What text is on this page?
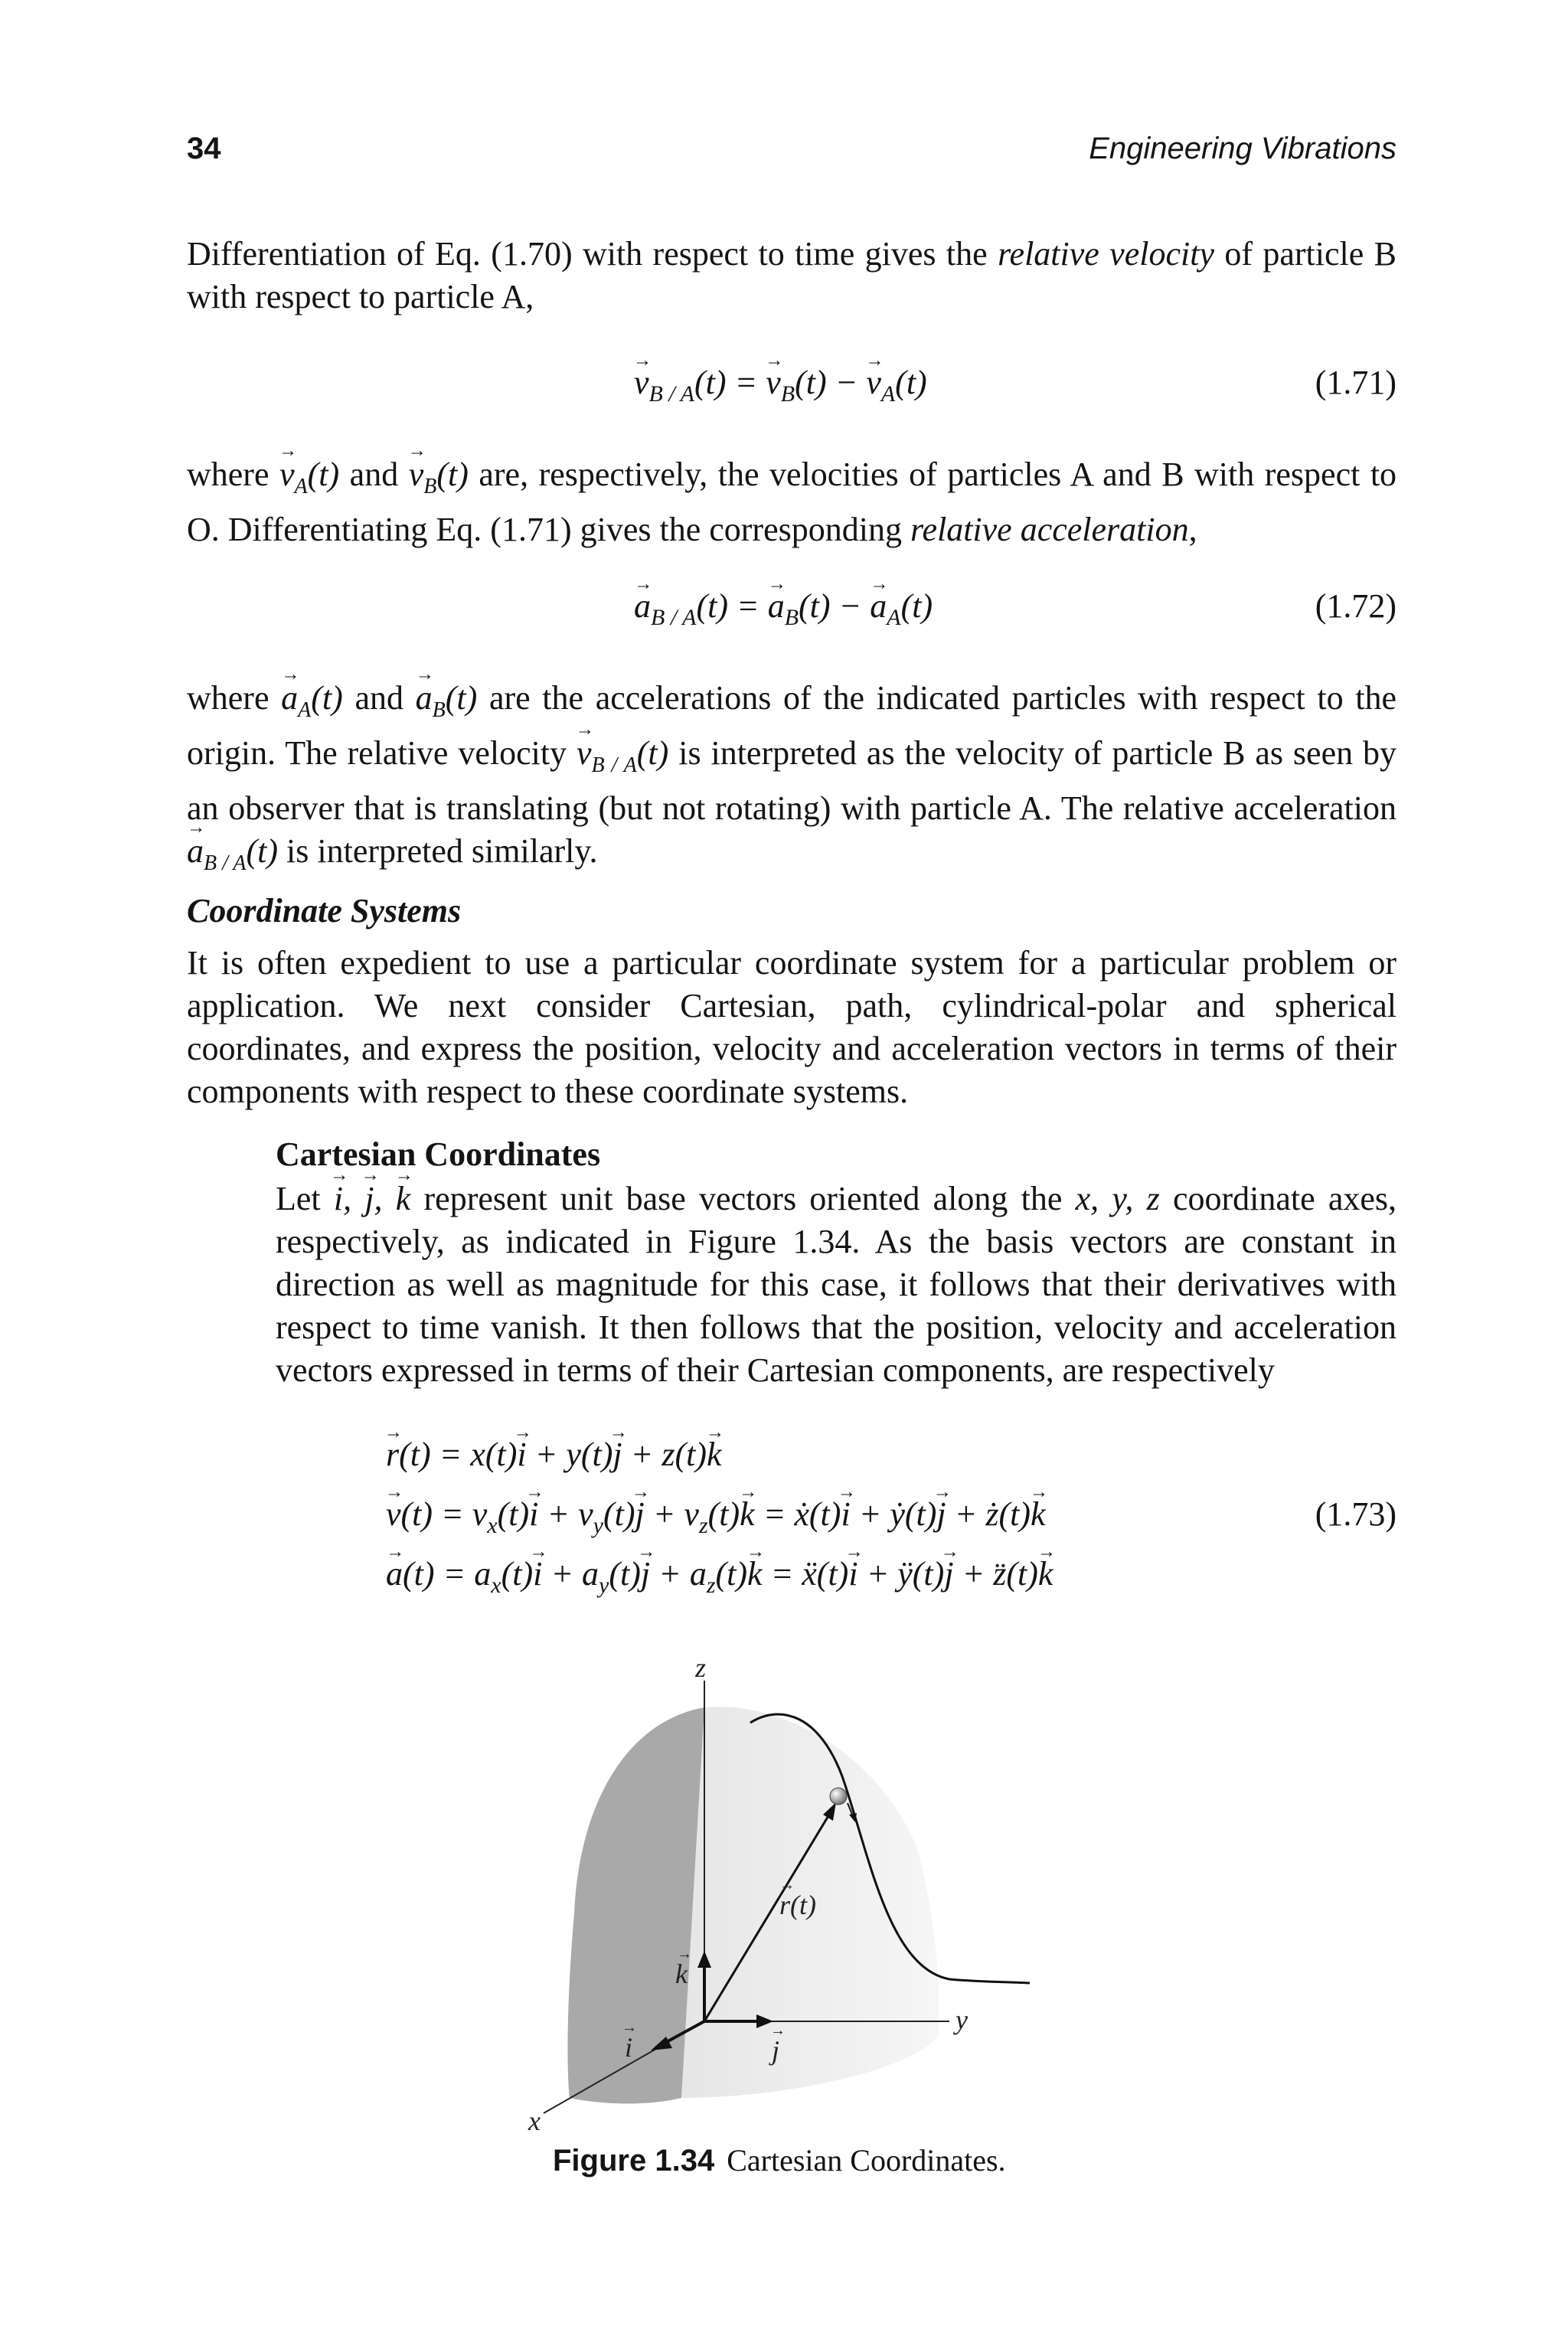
34	Engineering Vibrations

Differentiation of Eq. (1.70) with respect to time gives the relative velocity of particle B with respect to particle A,

→ $v_{B / A}(t)$ = → $v_B(t)$ − → $v_A(t)$	(1.71)

where → $v_A(t)$ and → $v_B(t)$ are, respectively, the velocities of particles A and B with respect to O. Differentiating Eq. (1.71) gives the corresponding relative acceleration,

→ $a_{B / A}(t)$ = → $a_B(t)$ − → $a_A(t)$	(1.72)

where → $a_A(t)$ and → $a_B(t)$ are the accelerations of the indicated particles with respect to the origin. The relative velocity → $v_{B / A}(t)$ is interpreted as the velocity of particle B as seen by an observer that is translating (but not rotating) with particle A. The relative acceleration → $a_{B / A}(t)$ is interpreted similarly.

Coordinate Systems

It is often expedient to use a particular coordinate system for a particular problem or application. We next consider Cartesian, path, cylindrical-polar and spherical coordinates, and express the position, velocity and acceleration vectors in terms of their components with respect to these coordinate systems.

Cartesian Coordinates

Let → i, → j, → k represent unit base vectors oriented along the x, y, z coordinate axes, respectively, as indicated in Figure 1.34. As the basis vectors are constant in direction as well as magnitude for this case, it follows that their derivatives with respect to time vanish. It then follows that the position, velocity and acceleration vectors expressed in terms of their Cartesian components, are respectively

→ r(t) = x(t)→ i + y(t)→ j + z(t)→ k
→ $v(t) = v_x(t)\to i + v_y(t)\to j + v_z(t)\to k$ = ẋ(t)→ i + ẏ(t)→ j + ż(t)→ k
→ $a(t) = a_x(t)\to i + a_y(t)\to j + a_z(t)\to k$ = ẍ(t)→ i + ÿ(t)→ j + z̈(t)→ k
(1.73)
z
y
x
k
→
j
→
i
→
r(t)
→
Figure 1.34 Cartesian Coordinates.
